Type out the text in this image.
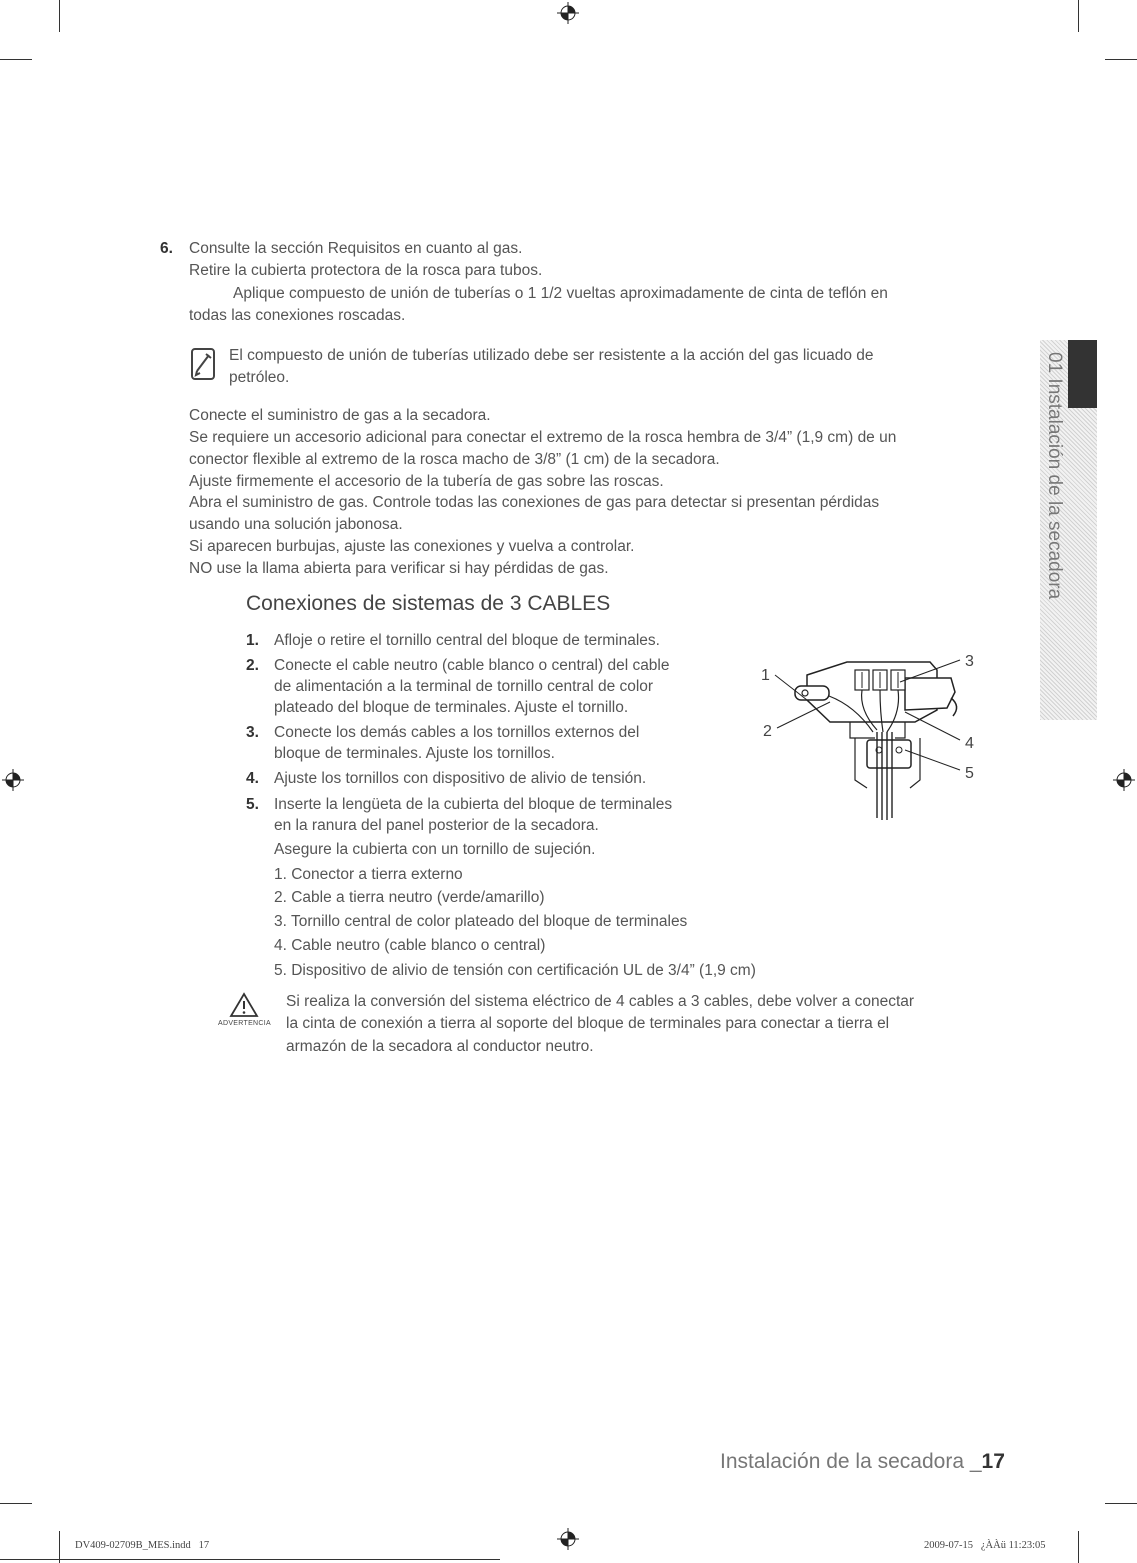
6. Consulte la sección Requisitos en cuanto al gas.
Retire la cubierta protectora de la rosca para tubos.
Aplique compuesto de unión de tuberías o 1 1/2 vueltas aproximadamente de cinta de teflón en
todas las conexiones roscadas.
El compuesto de unión de tuberías utilizado debe ser resistente a la acción del gas licuado de
petróleo.
Conecte el suministro de gas a la secadora.
Se requiere un accesorio adicional para conectar el extremo de la rosca hembra de 3/4” (1,9 cm) de un
conector flexible al extremo de la rosca macho de 3/8” (1 cm) de la secadora.
Ajuste firmemente el accesorio de la tubería de gas sobre las roscas.
Abra el suministro de gas. Controle todas las conexiones de gas para detectar si presentan pérdidas
usando una solución jabonosa.
Si aparecen burbujas, ajuste las conexiones y vuelva a controlar.
NO use la llama abierta para verificar si hay pérdidas de gas.
Conexiones de sistemas de 3 CABLES
1. Afloje o retire el tornillo central del bloque de terminales.
2. Conecte el cable neutro (cable blanco o central) del cable
de alimentación a la terminal de tornillo central de color
plateado del bloque de terminales. Ajuste el tornillo.
3. Conecte los demás cables a los tornillos externos del
bloque de terminales. Ajuste los tornillos.
4. Ajuste los tornillos con dispositivo de alivio de tensión.
5. Inserte la lengüeta de la cubierta del bloque de terminales
en la ranura del panel posterior de la secadora.
Asegure la cubierta con un tornillo de sujeción.
1. Conector a tierra externo
2. Cable a tierra neutro (verde/amarillo)
3. Tornillo central de color plateado del bloque de terminales
4. Cable neutro (cable blanco o central)
5. Dispositivo de alivio de tensión con certificación UL de 3/4” (1,9 cm)
1
2
3
4
5
ADVERTENCIA
Si realiza la conversión del sistema eléctrico de 4 cables a 3 cables, debe volver a conectar
la cinta de conexión a tierra al soporte del bloque de terminales para conectar a tierra el
armazón de la secadora al conductor neutro.
01 Instalación de la secadora
Instalación de la secadora _17
DV409-02709B_MES.indd   17	2009-07-15   ¿ÀÀü 11:23:05
